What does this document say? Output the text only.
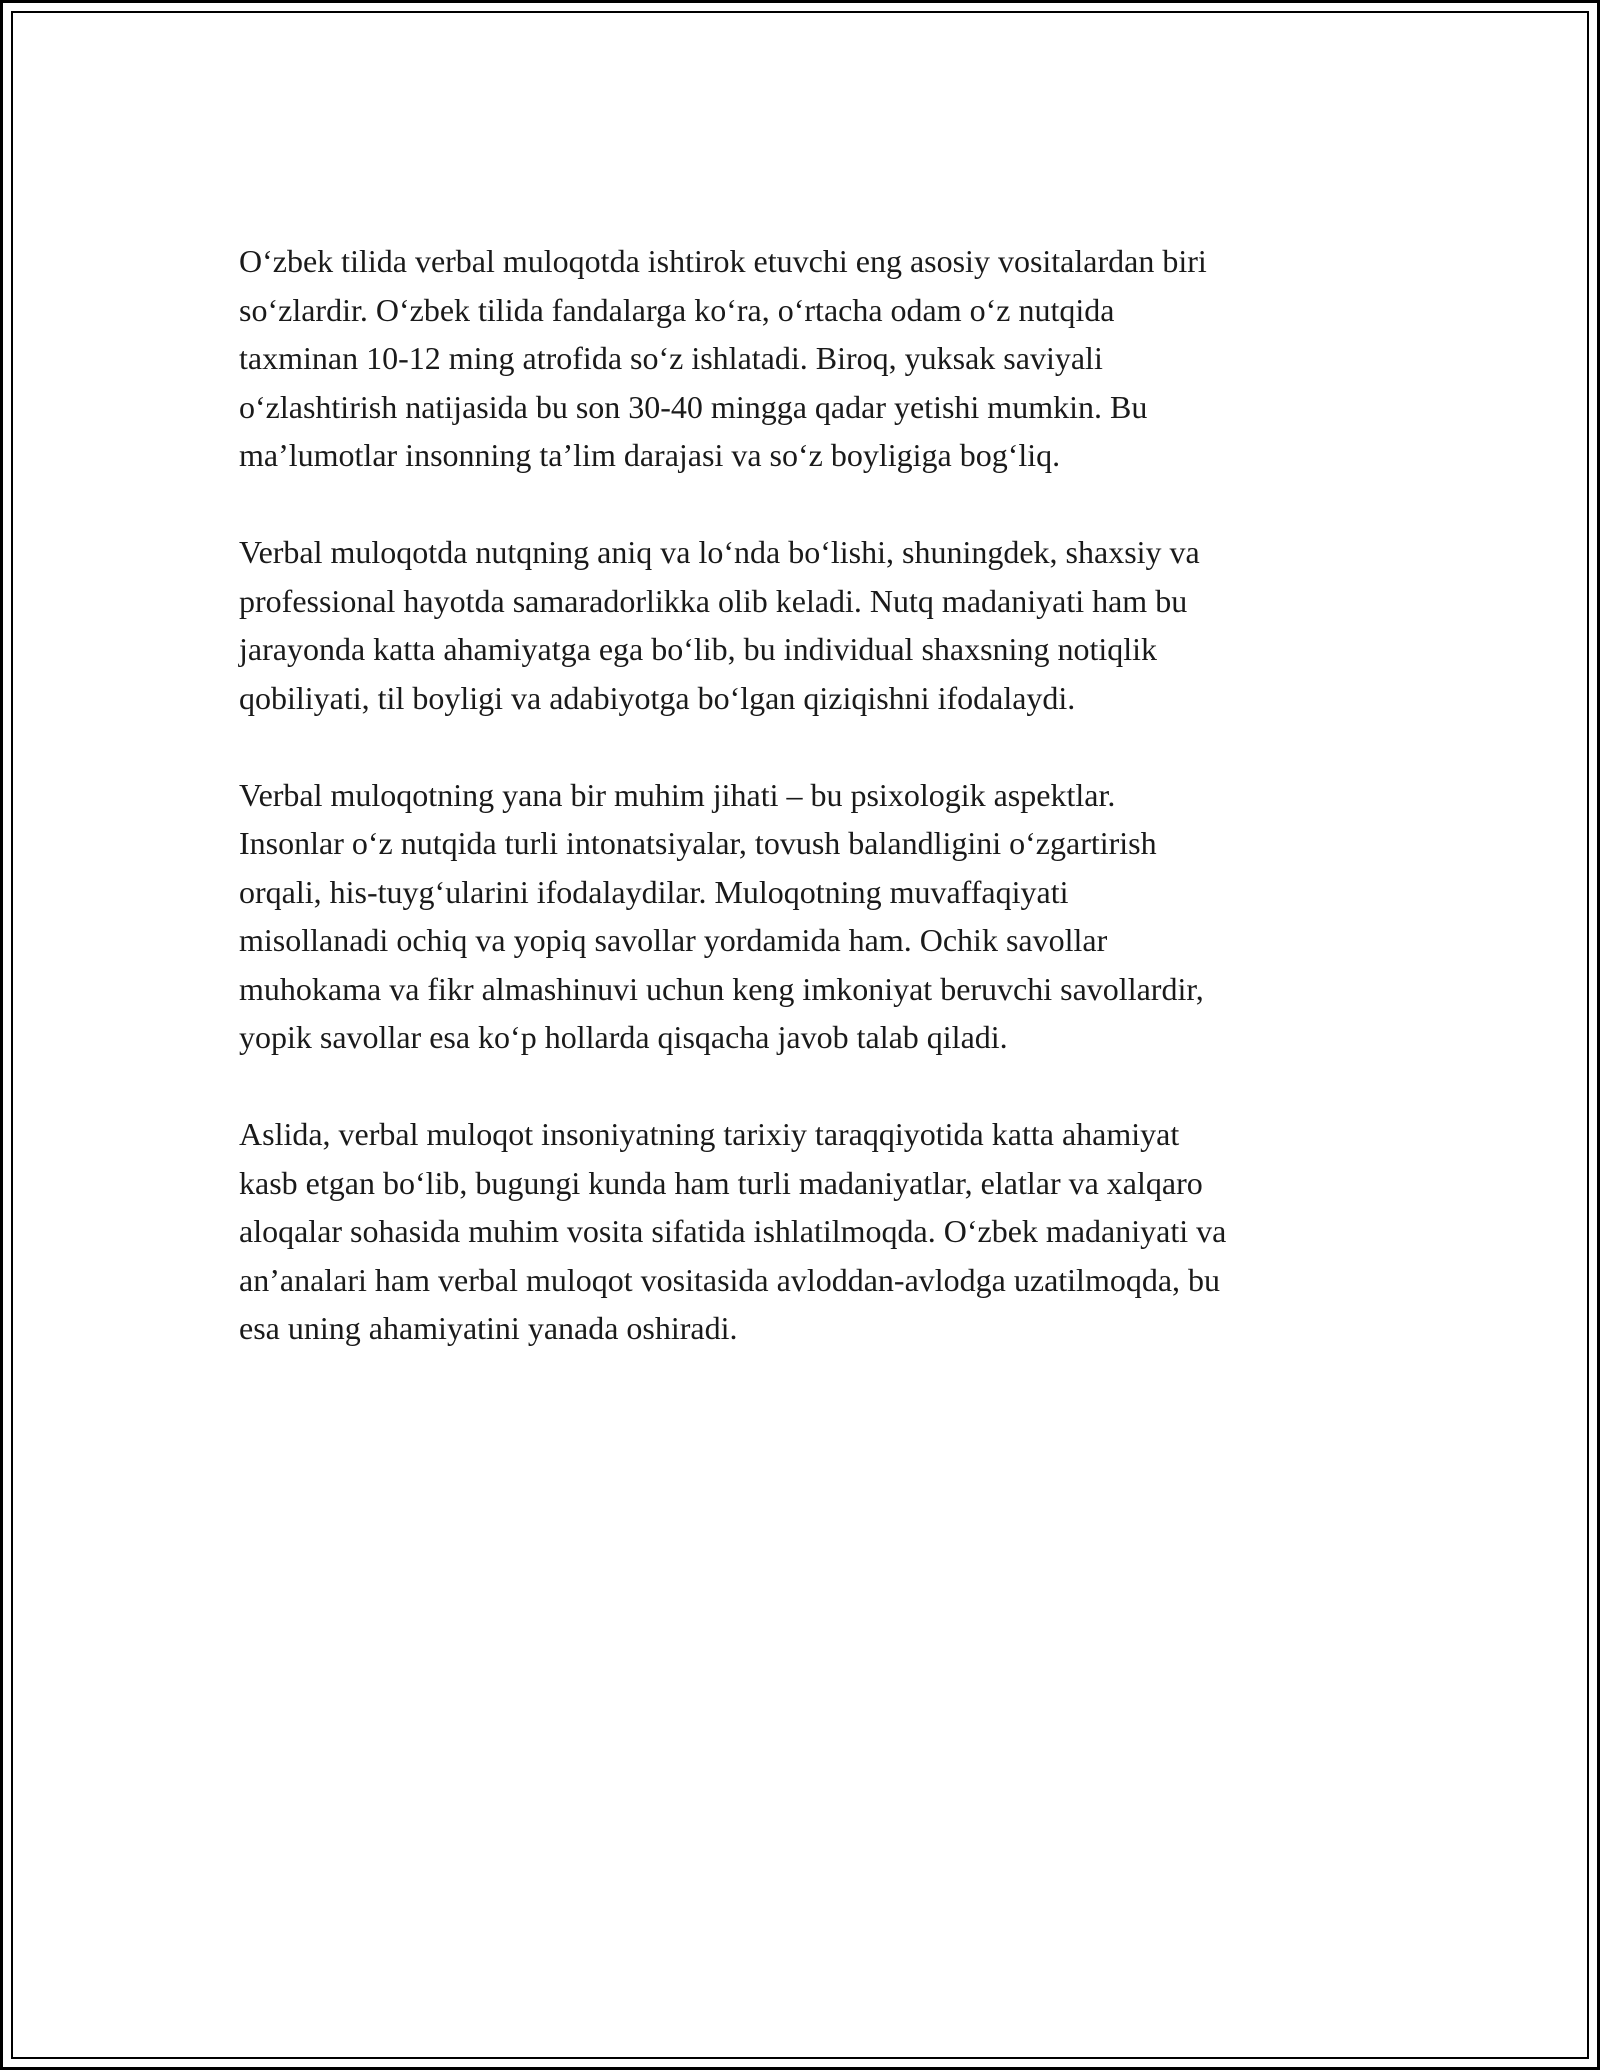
O‘zbek tilida verbal muloqotda ishtirok etuvchi eng asosiy vositalardan biri
so‘zlardir. O‘zbek tilida fandalarga ko‘ra, o‘rtacha odam o‘z nutqida
taxminan 10-12 ming atrofida so‘z ishlatadi. Biroq, yuksak saviyali
o‘zlashtirish natijasida bu son 30-40 mingga qadar yetishi mumkin. Bu
ma’lumotlar insonning ta’lim darajasi va so‘z boyligiga bog‘liq.

Verbal muloqotda nutqning aniq va lo‘nda bo‘lishi, shuningdek, shaxsiy va
professional hayotda samaradorlikka olib keladi. Nutq madaniyati ham bu
jarayonda katta ahamiyatga ega bo‘lib, bu individual shaxsning notiqlik
qobiliyati, til boyligi va adabiyotga bo‘lgan qiziqishni ifodalaydi.

Verbal muloqotning yana bir muhim jihati – bu psixologik aspektlar.
Insonlar o‘z nutqida turli intonatsiyalar, tovush balandligini o‘zgartirish
orqali, his-tuyg‘ularini ifodalaydilar. Muloqotning muvaffaqiyati
misollanadi ochiq va yopiq savollar yordamida ham. Ochik savollar
muhokama va fikr almashinuvi uchun keng imkoniyat beruvchi savollardir,
yopik savollar esa ko‘p hollarda qisqacha javob talab qiladi.

Aslida, verbal muloqot insoniyatning tarixiy taraqqiyotida katta ahamiyat
kasb etgan bo‘lib, bugungi kunda ham turli madaniyatlar, elatlar va xalqaro
aloqalar sohasida muhim vosita sifatida ishlatilmoqda. O‘zbek madaniyati va
an’analari ham verbal muloqot vositasida avloddan-avlodga uzatilmoqda, bu
esa uning ahamiyatini yanada oshiradi.
